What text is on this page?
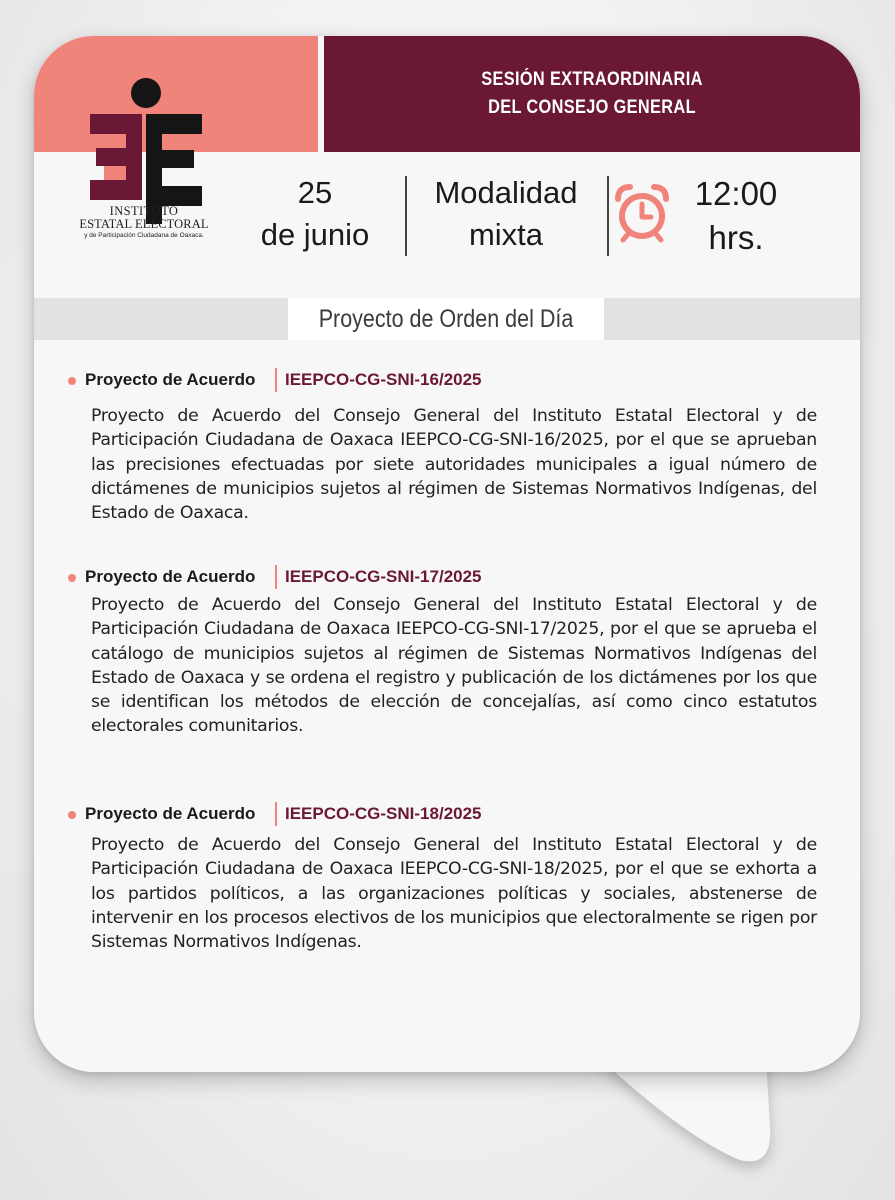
SESIÓN EXTRAORDINARIA
DEL CONSEJO GENERAL
INSTITUTO
ESTATAL ELECTORAL
y de Participación Ciudadana de Oaxaca.
25
de junio
Modalidad
mixta
12:00
hrs.
Proyecto de Orden del Día
Proyecto de Acuerdo IEEPCO-CG-SNI-16/2025
Proyecto de Acuerdo del Consejo General del Instituto Estatal Electoral y de Participación Ciudadana de Oaxaca IEEPCO-CG-SNI-16/2025, por el que se aprueban las precisiones efectuadas por siete autoridades municipales a igual número de dictámenes de municipios sujetos al régimen de Sistemas Normativos Indígenas, del Estado de Oaxaca.
Proyecto de Acuerdo IEEPCO-CG-SNI-17/2025
Proyecto de Acuerdo del Consejo General del Instituto Estatal Electoral y de Participación Ciudadana de Oaxaca IEEPCO-CG-SNI-17/2025, por el que se aprueba el catálogo de municipios sujetos al régimen de Sistemas Normativos Indígenas del Estado de Oaxaca y se ordena el registro y publicación de los dictámenes por los que se identifican los métodos de elección de concejalías, así como cinco estatutos electorales comunitarios.
Proyecto de Acuerdo IEEPCO-CG-SNI-18/2025
Proyecto de Acuerdo del Consejo General del Instituto Estatal Electoral y de Participación Ciudadana de Oaxaca IEEPCO-CG-SNI-18/2025, por el que se exhorta a los partidos políticos, a las organizaciones políticas y sociales, abstenerse de intervenir en los procesos electivos de los municipios que electoralmente se rigen por Sistemas Normativos Indígenas.
